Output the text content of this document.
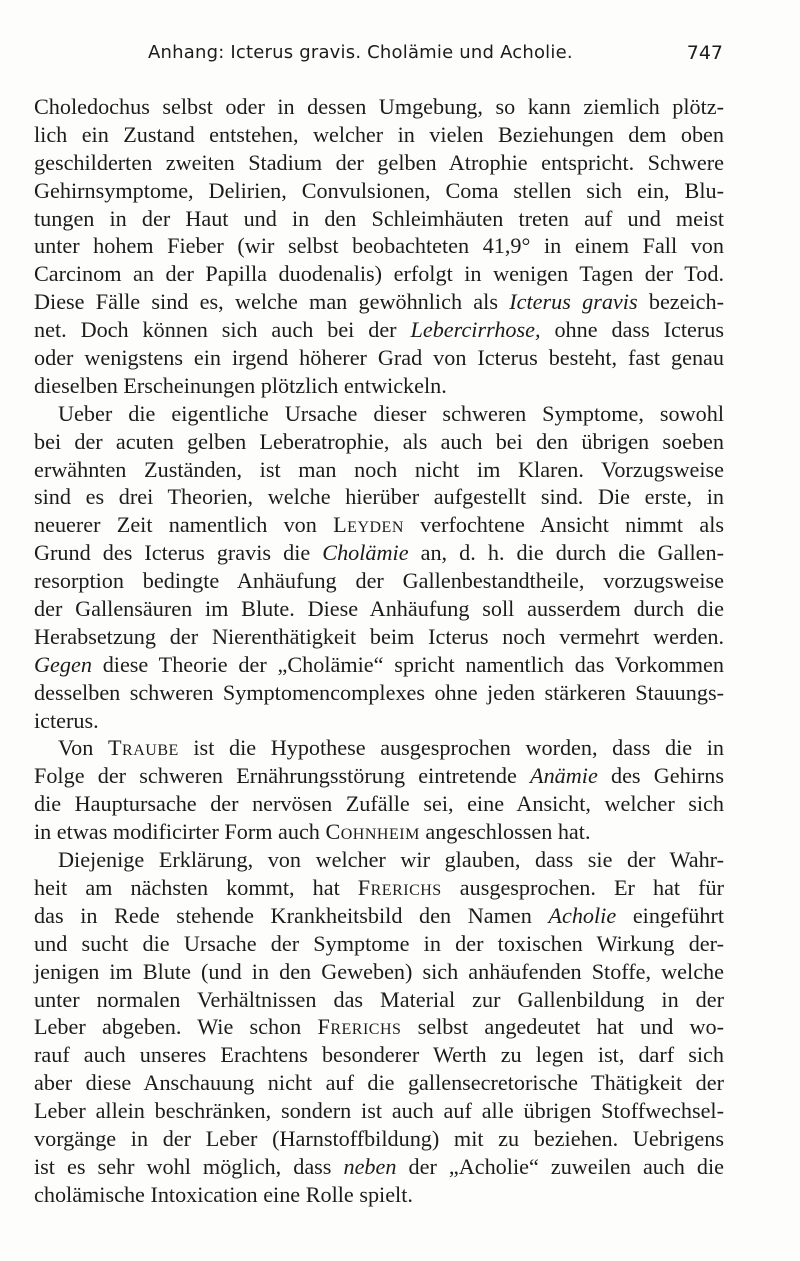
Anhang: Icterus gravis. Cholämie und Acholie.	747
Choledochus selbst oder in dessen Umgebung, so kann ziemlich plötz-
lich ein Zustand entstehen, welcher in vielen Beziehungen dem oben
geschilderten zweiten Stadium der gelben Atrophie entspricht. Schwere
Gehirnsymptome, Delirien, Convulsionen, Coma stellen sich ein, Blu-
tungen in der Haut und in den Schleimhäuten treten auf und meist
unter hohem Fieber (wir selbst beobachteten 41,9° in einem Fall von
Carcinom an der Papilla duodenalis) erfolgt in wenigen Tagen der Tod.
Diese Fälle sind es, welche man gewöhnlich als Icterus gravis bezeich-
net. Doch können sich auch bei der Lebercirrhose, ohne dass Icterus
oder wenigstens ein irgend höherer Grad von Icterus besteht, fast genau
dieselben Erscheinungen plötzlich entwickeln.
Ueber die eigentliche Ursache dieser schweren Symptome, sowohl
bei der acuten gelben Leberatrophie, als auch bei den übrigen soeben
erwähnten Zuständen, ist man noch nicht im Klaren. Vorzugsweise
sind es drei Theorien, welche hierüber aufgestellt sind. Die erste, in
neuerer Zeit namentlich von Leyden verfochtene Ansicht nimmt als
Grund des Icterus gravis die Cholämie an, d. h. die durch die Gallen-
resorption bedingte Anhäufung der Gallenbestandtheile, vorzugsweise
der Gallensäuren im Blute. Diese Anhäufung soll ausserdem durch die
Herabsetzung der Nierenthätigkeit beim Icterus noch vermehrt werden.
Gegen diese Theorie der „Cholämie“ spricht namentlich das Vorkommen
desselben schweren Symptomencomplexes ohne jeden stärkeren Stauungs-
icterus.
Von Traube ist die Hypothese ausgesprochen worden, dass die in
Folge der schweren Ernährungsstörung eintretende Anämie des Gehirns
die Hauptursache der nervösen Zufälle sei, eine Ansicht, welcher sich
in etwas modificirter Form auch Cohnheim angeschlossen hat.
Diejenige Erklärung, von welcher wir glauben, dass sie der Wahr-
heit am nächsten kommt, hat Frerichs ausgesprochen. Er hat für
das in Rede stehende Krankheitsbild den Namen Acholie eingeführt
und sucht die Ursache der Symptome in der toxischen Wirkung der-
jenigen im Blute (und in den Geweben) sich anhäufenden Stoffe, welche
unter normalen Verhältnissen das Material zur Gallenbildung in der
Leber abgeben. Wie schon Frerichs selbst angedeutet hat und wo-
rauf auch unseres Erachtens besonderer Werth zu legen ist, darf sich
aber diese Anschauung nicht auf die gallensecretorische Thätigkeit der
Leber allein beschränken, sondern ist auch auf alle übrigen Stoffwechsel-
vorgänge in der Leber (Harnstoffbildung) mit zu beziehen. Uebrigens
ist es sehr wohl möglich, dass neben der „Acholie“ zuweilen auch die
cholämische Intoxication eine Rolle spielt.
